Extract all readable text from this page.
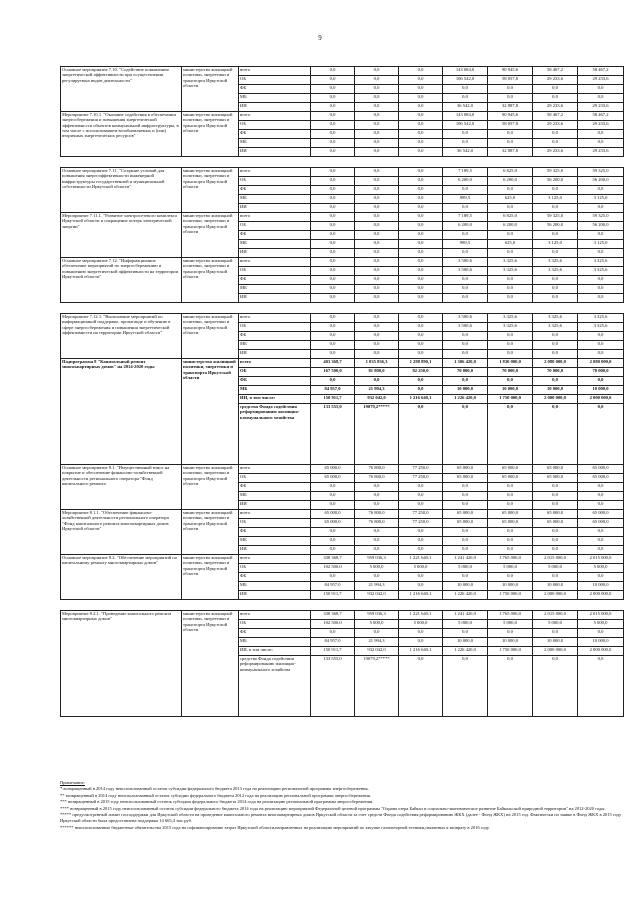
9
Основное мероприятие 7.10. "Содействие повышению энергетической эффективности при осуществлении регулируемых видов деятельности"	министерство жилищной политики, энергетики и транспорта Иркутской области	всего	0,0	0,0	0,0	143 084,0	90 945,6	58 467,2	58 467,2
		ОБ	0,0	0,0	0,0	106 542,0	58 057,8	29 233,6	29 233,6
		ФБ	0,0	0,0	0,0	0,0	0,0	0,0	0,0
		МБ	0,0	0,0	0,0	0,0	0,0	0,0	0,0
		ИИ	0,0	0,0	0,0	36 542,0	32 887,8	29 233,6	29 233,6
Мероприятие 7.10.1. "Оказание содействия в обеспечении энергосбережения и повышения энергетической эффективности объектов коммунальной инфраструктуры, в том числе с использованием возобновляемых и (или) вторичных энергетических ресурсов"	министерство жилищной политики, энергетики и транспорта Иркутской области	всего	0,0	0,0	0,0	143 084,0	90 945,6	58 467,2	58 467,2
		ОБ	0,0	0,0	0,0	106 542,0	58 057,8	29 233,6	29 233,6
		ФБ	0,0	0,0	0,0	0,0	0,0	0,0	0,0
		МБ	0,0	0,0	0,0	0,0	0,0	0,0	0,0
		ИИ	0,0	0,0	0,0	36 542,0	32 887,8	29 233,6	29 233,6

Основное мероприятие 7.11. "Создание условий для повышения энергоэффективности инженерной инфраструктуры государственной и муниципальной собственности Иркутской области"	министерство жилищной политики, энергетики и транспорта Иркутской области	всего	0,0	0,0	0,0	7 189,5	6 825,0	59 325,0	59 325,0
		ОБ	0,0	0,0	0,0	6 200,0	6 200,0	56 200,0	56 200,0
		ФБ	0,0	0,0	0,0	0,0	0,0	0,0	0,0
		МБ	0,0	0,0	0,0	989,5	625,0	3 125,0	3 125,0
		ИИ	0,0	0,0	0,0	0,0	0,0	0,0	0,0
Мероприятие 7.11.1. "Развитие электросетевого комплекса Иркутской области и сокращение потерь электрической энергии"	министерство жилищной политики, энергетики и транспорта Иркутской области	всего	0,0	0,0	0,0	7 189,5	6 825,0	59 325,0	59 325,0
		ОБ	0,0	0,0	0,0	6 200,0	6 200,0	56 200,0	56 200,0
		ФБ	0,0	0,0	0,0	0,0	0,0	0,0	0,0
		МБ	0,0	0,0	0,0	989,5	625,0	3 125,0	3 125,0
		ИИ	0,0	0,0	0,0	0,0	0,0	0,0	0,0
Основное мероприятие 7.12. "Информационное обеспечение мероприятий по энергосбережению и повышению энергетической эффективности на территории Иркутской области"	министерство жилищной политики, энергетики и транспорта Иркутской области	всего	0,0	0,0	0,0	3 500,6	3 325,6	3 325,6	3 325,6
		ОБ	0,0	0,0	0,0	3 500,6	3 325,6	3 325,6	3 325,6
		ФБ	0,0	0,0	0,0	0,0	0,0	0,0	0,0
		МБ	0,0	0,0	0,0	0,0	0,0	0,0	0,0
		ИИ	0,0	0,0	0,0	0,0	0,0	0,0	0,0

Мероприятие 7.12.1. "Выполнение мероприятий по информационной поддержке, пропаганде и обучению в сфере энергосбережения и повышения энергетической эффективности на территории Иркутской области"	министерство жилищной политики, энергетики и транспорта Иркутской области	всего	0,0	0,0	0,0	3 500,6	3 325,6	3 325,6	3 325,6
		ОБ	0,0	0,0	0,0	3 500,6	3 325,6	3 325,6	3 325,6
		ФБ	0,0	0,0	0,0	0,0	0,0	0,0	0,0
		МБ	0,0	0,0	0,0	0,0	0,0	0,0	0,0
		ИИ	0,0	0,0	0,0	0,0	0,0	0,0	0,0
Подпрограмма 8 "Капитальный ремонт многоквартирных домов" на 2014-2020 годы	министерство жилищной политики, энергетики и транспорта Иркутской области	всего	403 368,7	1 035 836,3	1 298 890,1	1 306 420,0	1 830 000,0	2 080 000,0	2 080 000,0
		ОБ	167 500,0	81 800,0	82 250,0	70 000,0	70 000,0	70 000,0	70 000,0
		ФБ	0,0	0,0	0,0	0,0	0,0	0,0	0,0
		МБ	84 957,0	21 994,3	0,0	10 000,0	10 000,0	10 000,0	10 000,0
		ИИ, в том числе:	150 911,7	932 042,0	1 216 640,1	1 226 420,0	1 750 000,0	2 000 000,0	2 000 000,0
		средства Фонда содействия реформированию жилищно-коммунального хозяйства	133 555,0	19079,2*****	0,0	0,0	0,0	0,0	0,0
Основное мероприятие 8.1. "Имущественный взнос на покрытие и обеспечение финансово-хозяйственной деятельности регионального оператора "Фонд капитального ремонта	министерство жилищной политики, энергетики и транспорта Иркутской области	всего	65 000,0	76 800,0	77 250,0	65 000,0	65 000,0	65 000,0	65 000,0
		ОБ	65 000,0	76 800,0	77 250,0	65 000,0	65 000,0	65 000,0	65 000,0
		ФБ	0,0	0,0	0,0	0,0	0,0	0,0	0,0
		МБ	0,0	0,0	0,0	0,0	0,0	0,0	0,0
		ИИ	0,0	0,0	0,0	0,0	0,0	0,0	0,0
Мероприятие 8.1.1. "Обеспечение финансово-хозяйственной деятельности регионального оператора "Фонд капитального ремонта многоквартирных домов Иркутской области"	министерство жилищной политики, энергетики и транспорта Иркутской области	всего	65 000,0	76 800,0	77 250,0	65 000,0	65 000,0	65 000,0	65 000,0
		ОБ	65 000,0	76 800,0	77 250,0	65 000,0	65 000,0	65 000,0	65 000,0
		ФБ	0,0	0,0	0,0	0,0	0,0	0,0	0,0
		МБ	0,0	0,0	0,0	0,0	0,0	0,0	0,0
		ИИ	0,0	0,0	0,0	0,0	0,0	0,0	0,0
Основное мероприятие 8.2. "Обеспечение мероприятий по капитальному ремонту многоквартирных домов"	министерство жилищной политики, энергетики и транспорта Иркутской области	всего	338 368,7	959 036,3	1 221 640,1	1 241 420,0	1 765 000,0	2 015 000,0	2 015 000,0
		ОБ	102 500,0	5 000,0	5 000,0	5 000,0	5 000,0	5 000,0	5 000,0
		ФБ	0,0	0,0	0,0	0,0	0,0	0,0	0,0
		МБ	84 957,0	21 994,3	0,0	10 000,0	10 000,0	10 000,0	10 000,0
		ИИ	150 911,7	932 042,0	1 216 640,1	1 226 420,0	1 750 000,0	2 000 000,0	2 000 000,0

Мероприятие 8.2.1. "Проведение капитального ремонта многоквартирных домов"	министерство жилищной политики, энергетики и транспорта Иркутской области	всего	338 368,7	959 036,3	1 221 640,1	1 241 420,0	1 765 000,0	2 015 000,0	2 015 000,0
		ОБ	102 500,0	5 000,0	5 000,0	5 000,0	5 000,0	5 000,0	5 000,0
		ФБ	0,0	0,0	0,0	0,0	0,0	0,0	0,0
		МБ	84 957,0	21 994,3	0,0	10 000,0	10 000,0	10 000,0	10 000,0
		ИИ, в том числе:	150 911,7	932 042,0	1 216 640,1	1 226 420,0	1 750 000,0	2 000 000,0	2 000 000,0
		средства Фонда содействия реформированию жилищно-коммунального хозяйства	133 555,0	19079,2*****	0,0	0,0	0,0	0,0	0,0
Примечание:
* возвращенный в 2014 году неиспользованный остаток субсидии федерального бюджета 2013 года на реализацию региональной программы энергосбережения.
** возвращенный в 2014 году неиспользованный остаток субсидии федерального бюджета 2012 года на реализацию региональной программы энергосбережения.
*** возвращенный в 2015 году неиспользованный остаток субсидии федерального бюджета 2014 года на реализацию региональной программы энергосбережения.
**** возвращенный в 2015 году неиспользованный остаток субсидии федерального бюджета 2014 года на реализацию мероприятий Федеральной целевой программы "Охрана озера Байкал и социально-экономическое развитие Байкальской природной территории" на 2012-2020 годы.
***** предусмотренный лимит господдержки для Иркутской области на проведение капитального ремонта многоквартирных домов Иркутской области за счет средств Фонда содействия реформированию ЖКХ (далее - Фонд ЖКХ) на 2015 год. Фактически по заявке в Фонд ЖКХ в 2015 году Иркутской области была предоставлена поддержка 14 665,4 тыс.руб.
****** неиспользованные бюджетные обязательства 2015 года на софинансирование затрат Иркутской области,направленных на реализацию мероприятий по закупке газомоторной техники,связанных к возврату в 2016 году.
